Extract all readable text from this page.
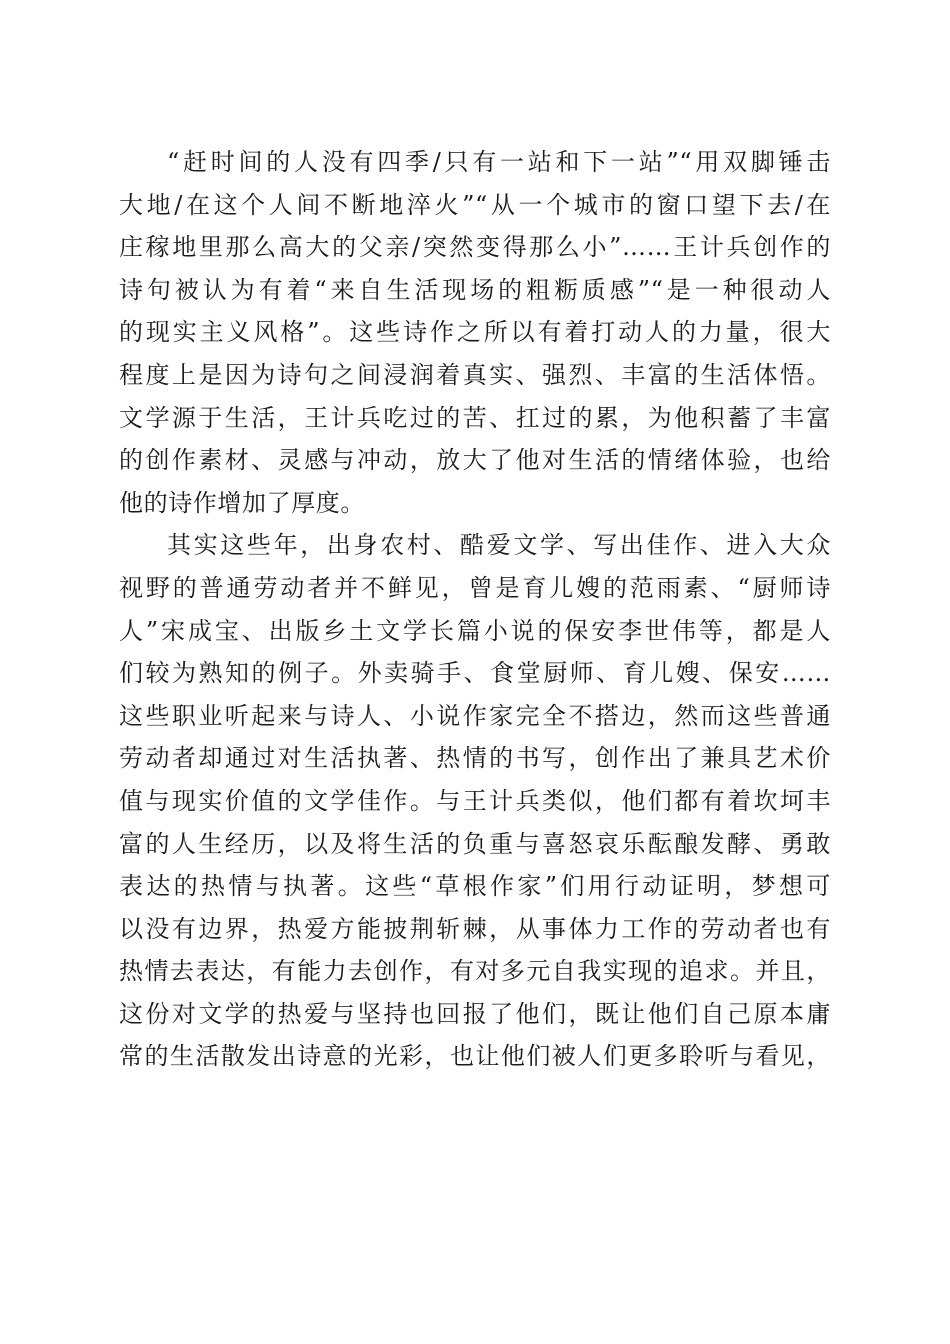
“赶时间的人没有四季/只有一站和下一站”“用双脚锤击
大地/在这个人间不断地淬火”“从一个城市的窗口望下去/在
庄稼地里那么高大的父亲/突然变得那么小”……王计兵创作的
诗句被认为有着“来自生活现场的粗粝质感”“是一种很动人
的现实主义风格”。这些诗作之所以有着打动人的力量，很大
程度上是因为诗句之间浸润着真实、强烈、丰富的生活体悟。
文学源于生活，王计兵吃过的苦、扛过的累，为他积蓄了丰富
的创作素材、灵感与冲动，放大了他对生活的情绪体验，也给
他的诗作增加了厚度。
其实这些年，出身农村、酷爱文学、写出佳作、进入大众
视野的普通劳动者并不鲜见，曾是育儿嫂的范雨素、“厨师诗
人”宋成宝、出版乡土文学长篇小说的保安李世伟等，都是人
们较为熟知的例子。外卖骑手、食堂厨师、育儿嫂、保安……
这些职业听起来与诗人、小说作家完全不搭边，然而这些普通
劳动者却通过对生活执著、热情的书写，创作出了兼具艺术价
值与现实价值的文学佳作。与王计兵类似，他们都有着坎坷丰
富的人生经历，以及将生活的负重与喜怒哀乐酝酿发酵、勇敢
表达的热情与执著。这些“草根作家”们用行动证明，梦想可
以没有边界，热爱方能披荆斩棘，从事体力工作的劳动者也有
热情去表达，有能力去创作，有对多元自我实现的追求。并且，
这份对文学的热爱与坚持也回报了他们，既让他们自己原本庸
常的生活散发出诗意的光彩，也让他们被人们更多聆听与看见，
